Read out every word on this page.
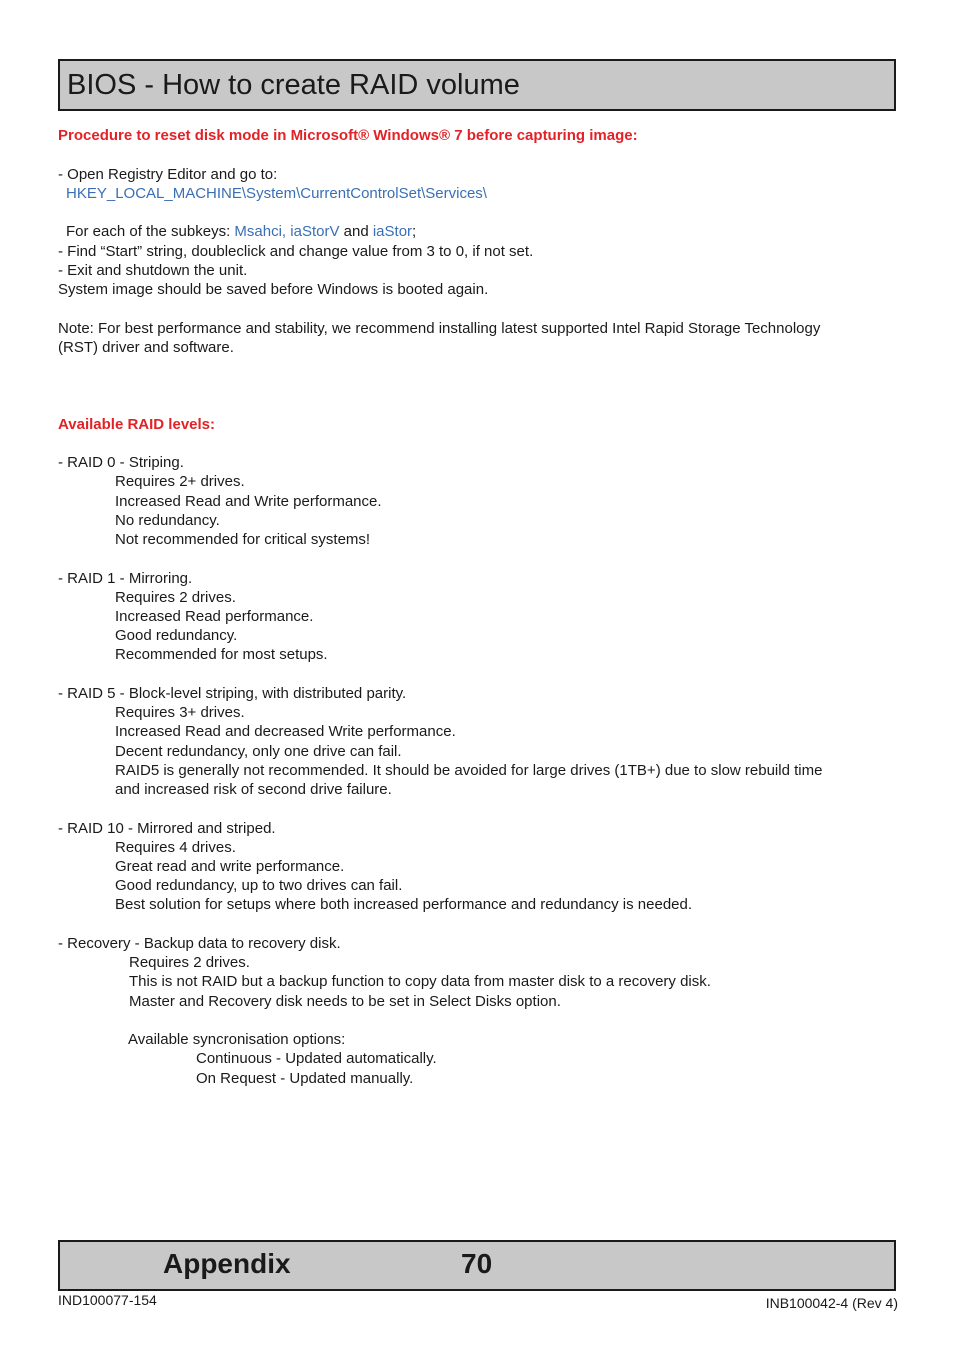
BIOS - How to create RAID volume
Procedure to reset disk mode in Microsoft® Windows® 7 before capturing image:
- Open Registry Editor and go to:
HKEY_LOCAL_MACHINE\System\CurrentControlSet\Services\
For each of the subkeys: Msahci, iaStorV and iaStor;
- Find “Start” string, doubleclick and change value from 3 to 0, if not set.
- Exit and shutdown the unit.
System image should be saved before Windows is booted again.
Note: For best performance and stability, we recommend installing latest supported Intel Rapid Storage Technology
(RST) driver and software.
Available RAID levels:
- RAID 0 - Striping.
Requires 2+ drives.
Increased Read and Write performance.
No redundancy.
Not recommended for critical systems!
- RAID 1 - Mirroring.
Requires 2 drives.
Increased Read performance.
Good redundancy.
Recommended for most setups.
- RAID 5 - Block-level striping, with distributed parity.
Requires 3+ drives.
Increased Read and decreased Write performance.
Decent redundancy, only one drive can fail.
RAID5 is generally not recommended. It should be avoided for large drives (1TB+) due to slow rebuild time
and increased risk of second drive failure.
- RAID 10 - Mirrored and striped.
Requires 4 drives.
Great read and write performance.
Good redundancy, up to two drives can fail.
Best solution for setups where both increased performance and redundancy is needed.
- Recovery - Backup data to recovery disk.
Requires 2 drives.
This is not RAID but a backup function to copy data from master disk to a recovery disk.
Master and Recovery disk needs to be set in Select Disks option.
Available syncronisation options:
Continuous - Updated automatically.
On Request - Updated manually.
Appendix	70
IND100077-154	INB100042-4 (Rev 4)
